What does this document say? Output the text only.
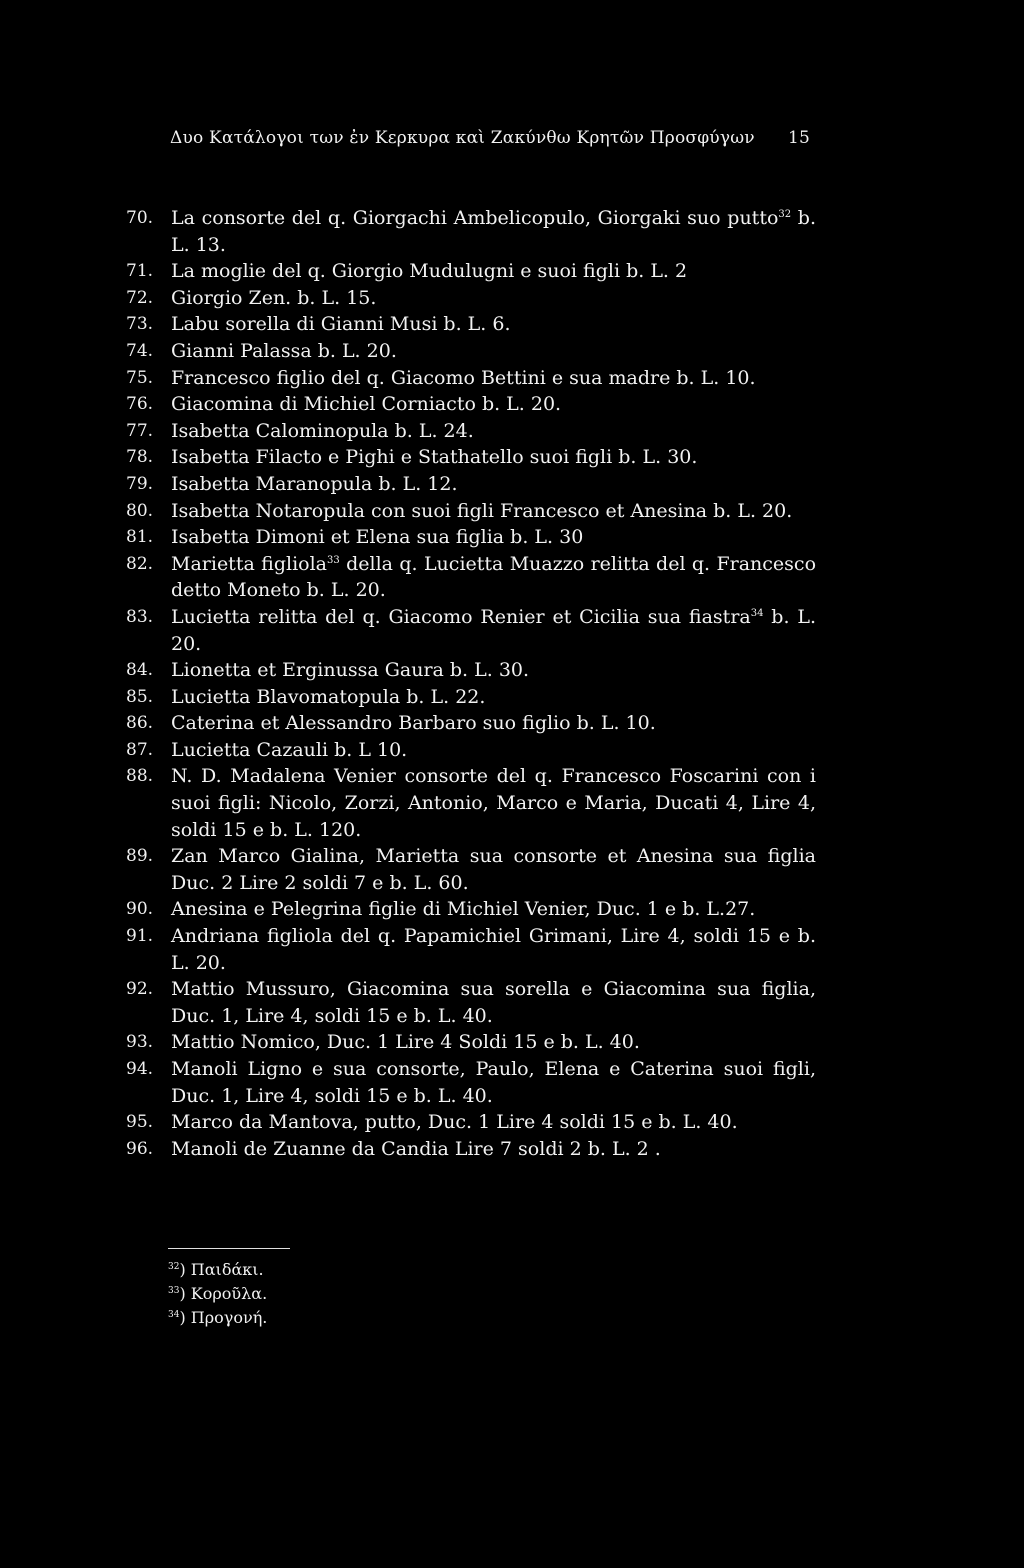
Δυο Κατάλογοι των ἐν Κερκυρα καὶ Ζακύνθω Κρητῶν Προσφύγων 15
70. La consorte del q. Giorgachi Ambelicopulo, Giorgaki suo putto$^{32}$ b. L. 13.
71. La moglie del q. Giorgio Mudulugni e suoi figli b. L. 2
72. Giorgio Zen. b. L. 15.
73. Labu sorella di Gianni Musi b. L. 6.
74. Gianni Palassa b. L. 20.
75. Francesco figlio del q. Giacomo Bettini e sua madre b. L. 10.
76. Giacomina di Michiel Corniacto b. L. 20.
77. Isabetta Calominopula b. L. 24.
78. Isabetta Filacto e Pighi e Stathatello suoi figli b. L. 30.
79. Isabetta Maranopula b. L. 12.
80. Isabetta Notaropula con suoi figli Francesco et Anesina b. L. 20.
81. Isabetta Dimoni et Elena sua figlia b. L. 30
82. Marietta figliola$^{33}$ della q. Lucietta Muazzo relitta del q. Francesco detto Moneto b. L. 20.
83. Lucietta relitta del q. Giacomo Renier et Cicilia sua fiastra$^{34}$ b. L. 20.
84. Lionetta et Erginussa Gaura b. L. 30.
85. Lucietta Blavomatopula b. L. 22.
86. Caterina et Alessandro Barbaro suo figlio b. L. 10.
87. Lucietta Cazauli b. L 10.
88. N. D. Madalena Venier consorte del q. Francesco Foscarini con i suoi figli: Nicolo, Zorzi, Antonio, Marco e Maria, Ducati 4, Lire 4, soldi 15 e b. L. 120.
89. Zan Marco Gialina, Marietta sua consorte et Anesina sua figlia Duc. 2 Lire 2 soldi 7 e b. L. 60.
90. Anesina e Pelegrina figlie di Michiel Venier, Duc. 1 e b. L.27.
91. Andriana figliola del q. Papamichiel Grimani, Lire 4, soldi 15 e b. L. 20.
92. Mattio Mussuro, Giacomina sua sorella e Giacomina sua figlia, Duc. 1, Lire 4, soldi 15 e b. L. 40.
93. Mattio Nomico, Duc. 1 Lire 4 Soldi 15 e b. L. 40.
94. Manoli Ligno e sua consorte, Paulo, Elena e Caterina suoi figli, Duc. 1, Lire 4, soldi 15 e b. L. 40.
95. Marco da Mantova, putto, Duc. 1 Lire 4 soldi 15 e b. L. 40.
96. Manoli de Zuanne da Candia Lire 7 soldi 2 b. L. 2 .
$^{32}$) Παιδάκι.
$^{33}$) Κοροῦλα.
$^{34}$) Προγονή.
